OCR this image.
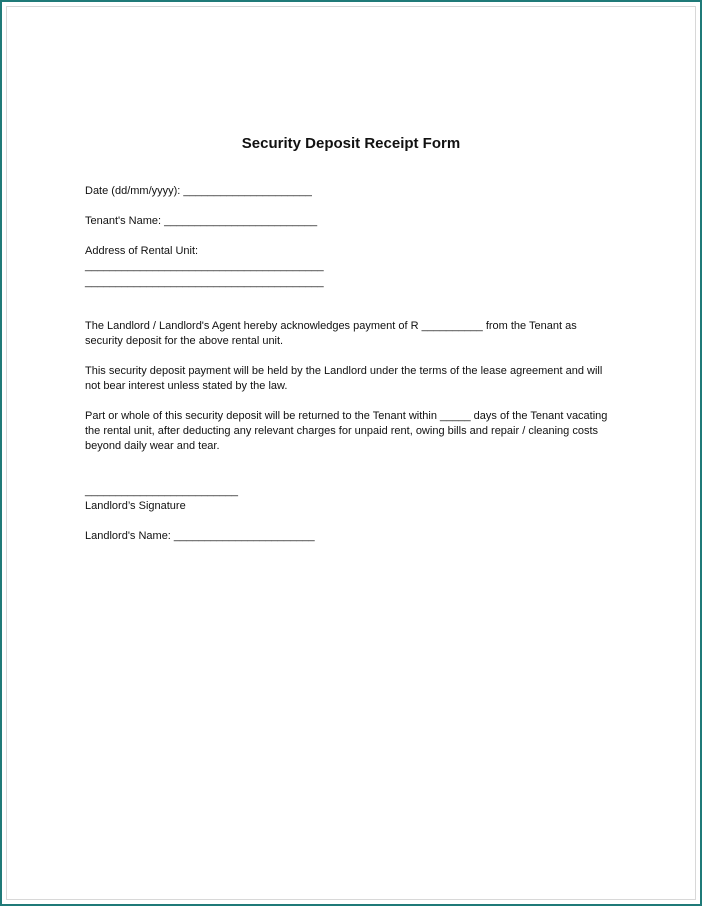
Security Deposit Receipt Form
Date (dd/mm/yyyy): _____________________
Tenant's Name: _________________________
Address of Rental Unit:
_______________________________________
_______________________________________
The Landlord / Landlord's Agent hereby acknowledges payment of R __________ from the Tenant as security deposit for the above rental unit.
This security deposit payment will be held by the Landlord under the terms of the lease agreement and will not bear interest unless stated by the law.
Part or whole of this security deposit will be returned to the Tenant within _____ days of the Tenant vacating the rental unit, after deducting any relevant charges for unpaid rent, owing bills and repair / cleaning costs beyond daily wear and tear.
_________________________
Landlord’s Signature
Landlord's Name: _______________________
